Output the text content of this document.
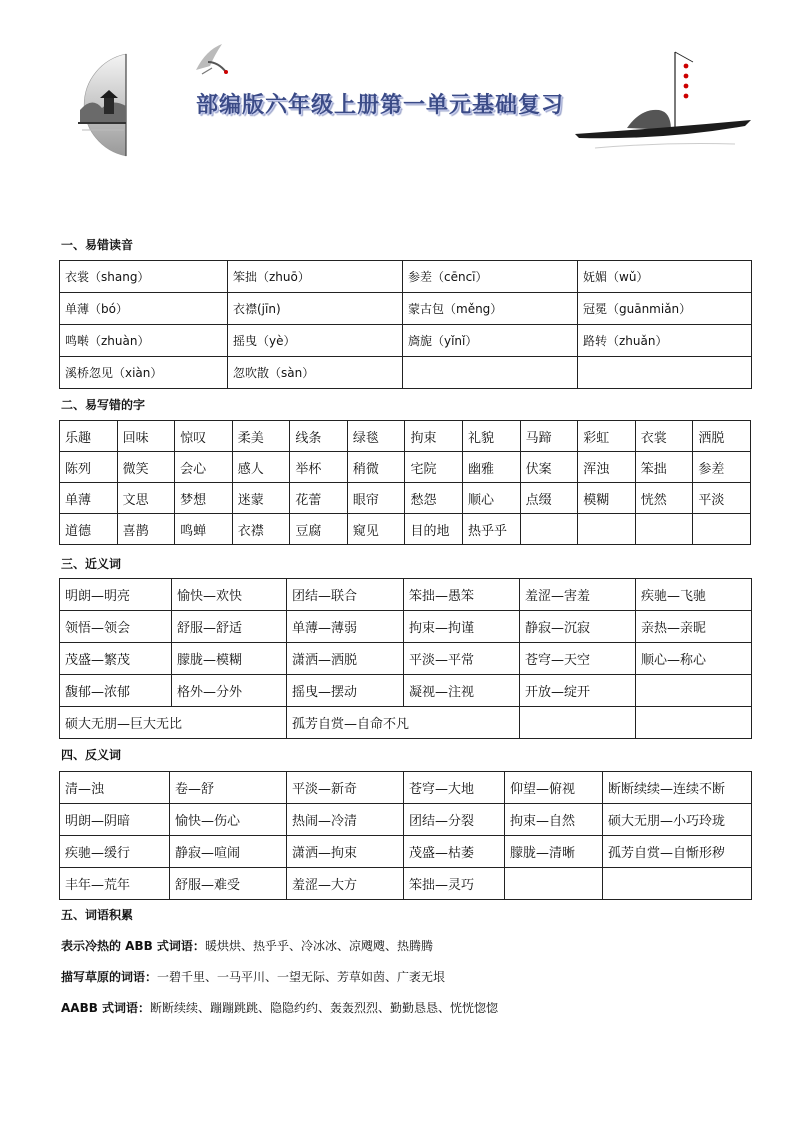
部编版六年级上册第一单元基础复习
一、易错读音
衣裳（shang）	笨拙（zhuō）	参差（cēncī）	妩媚（wǔ）
单薄（bó）	衣襟(jīn)	蒙古包（měng）	冠冕（guānmiǎn）
鸣啭（zhuàn）	摇曳（yè）	旖旎（yǐnǐ）	路转（zhuǎn）
溪桥忽见（xiàn）	忽吹散（sàn）		
二、易写错的字
乐趣	回味	惊叹	柔美	线条	绿毯	拘束	礼貌	马蹄	彩虹	衣裳	洒脱
陈列	微笑	会心	感人	举杯	稍微	宅院	幽雅	伏案	浑浊	笨拙	参差
单薄	文思	梦想	迷蒙	花蕾	眼帘	愁怨	顺心	点缀	模糊	恍然	平淡
道德	喜鹊	鸣蝉	衣襟	豆腐	窥见	目的地	热乎乎				
三、近义词
明朗—明亮	愉快—欢快	团结—联合	笨拙—愚笨	羞涩—害羞	疾驰—飞驰
领悟—领会	舒服—舒适	单薄—薄弱	拘束—拘谨	静寂—沉寂	亲热—亲昵
茂盛—繁茂	朦胧—模糊	潇洒—洒脱	平淡—平常	苍穹—天空	顺心—称心
馥郁—浓郁	格外—分外	摇曳—摆动	凝视—注视	开放—绽开	
硕大无朋—巨大无比		孤芳自赏—自命不凡			
四、反义词
清—浊	卷—舒	平淡—新奇	苍穹—大地	仰望—俯视	断断续续—连续不断
明朗—阴暗	愉快—伤心	热闹—冷清	团结—分裂	拘束—自然	硕大无朋—小巧玲珑
疾驰—缓行	静寂—喧闹	潇洒—拘束	茂盛—枯萎	朦胧—清晰	孤芳自赏—自惭形秽
丰年—荒年	舒服—难受	羞涩—大方	笨拙—灵巧		
五、词语积累
表示冷热的 ABB 式词语：暖烘烘、热乎乎、冷冰冰、凉飕飕、热腾腾
描写草原的词语：一碧千里、一马平川、一望无际、芳草如茵、广袤无垠
AABB 式词语：断断续续、蹦蹦跳跳、隐隐约约、轰轰烈烈、勤勤恳恳、恍恍惚惚
